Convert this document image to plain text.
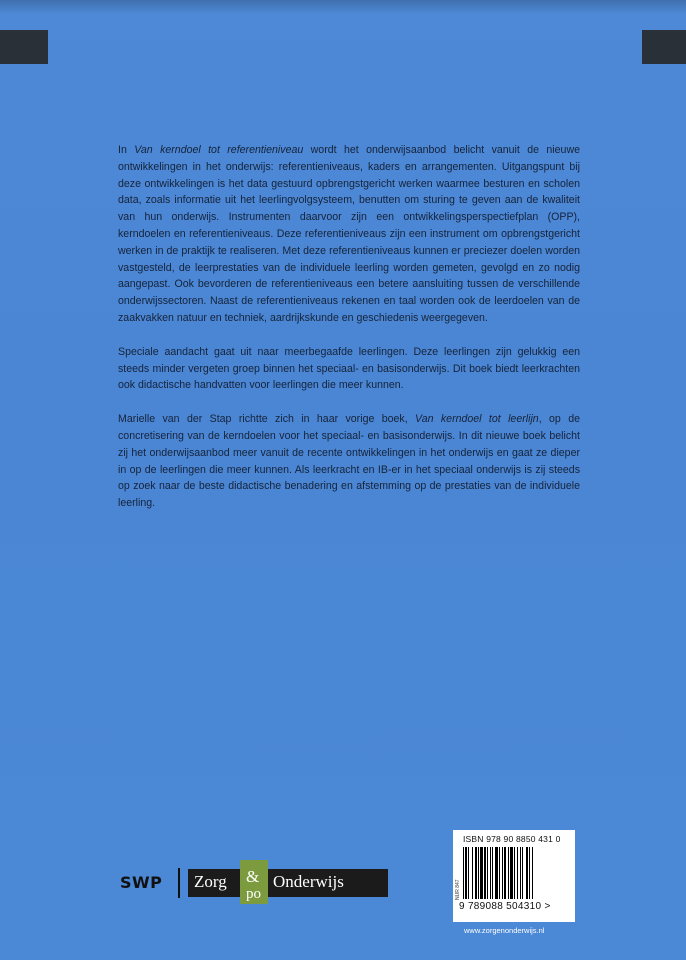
In Van kerndoel tot referentieniveau wordt het onderwijsaanbod belicht vanuit de nieuwe ontwikkelingen in het onderwijs: referentieniveaus, kaders en arrangementen. Uitgangspunt bij deze ontwikkelingen is het data gestuurd opbrengstgericht werken waarmee besturen en scholen data, zoals informatie uit het leerlingvolgsysteem, benutten om sturing te geven aan de kwaliteit van hun onderwijs. Instrumenten daarvoor zijn een ontwikkelingsperspectiefplan (OPP), kerndoelen en referentieniveaus. Deze referentieniveaus zijn een instrument om opbrengstgericht werken in de praktijk te realiseren. Met deze referentieniveaus kunnen er preciezer doelen worden vastgesteld, de leerprestaties van de individuele leerling worden gemeten, gevolgd en zo nodig aangepast. Ook bevorderen de referentieniveaus een betere aansluiting tussen de verschillende onderwijssectoren. Naast de referentieniveaus rekenen en taal worden ook de leerdoelen van de zaakvakken natuur en techniek, aardrijkskunde en geschiedenis weergegeven.

Speciale aandacht gaat uit naar meerbegaafde leerlingen. Deze leerlingen zijn gelukkig een steeds minder vergeten groep binnen het speciaal- en basisonderwijs. Dit boek biedt leerkrachten ook didactische handvatten voor leerlingen die meer kunnen.

Marielle van der Stap richtte zich in haar vorige boek, Van kerndoel tot leerlijn, op de concretisering van de kerndoelen voor het speciaal- en basisonderwijs. In dit nieuwe boek belicht zij het onderwijsaanbod meer vanuit de recente ontwikkelingen in het onderwijs en gaat ze dieper in op de leerlingen die meer kunnen. Als leerkracht en IB-er in het speciaal onderwijs is zij steeds op zoek naar de beste didactische benadering en afstemming op de prestaties van de individuele leerling.

SWP Zorg &
po
Onderwijs
ISBN 978 90 8850 431 0
NUR 847
9 789088 504310 >
www.zorgenonderwijs.nl
